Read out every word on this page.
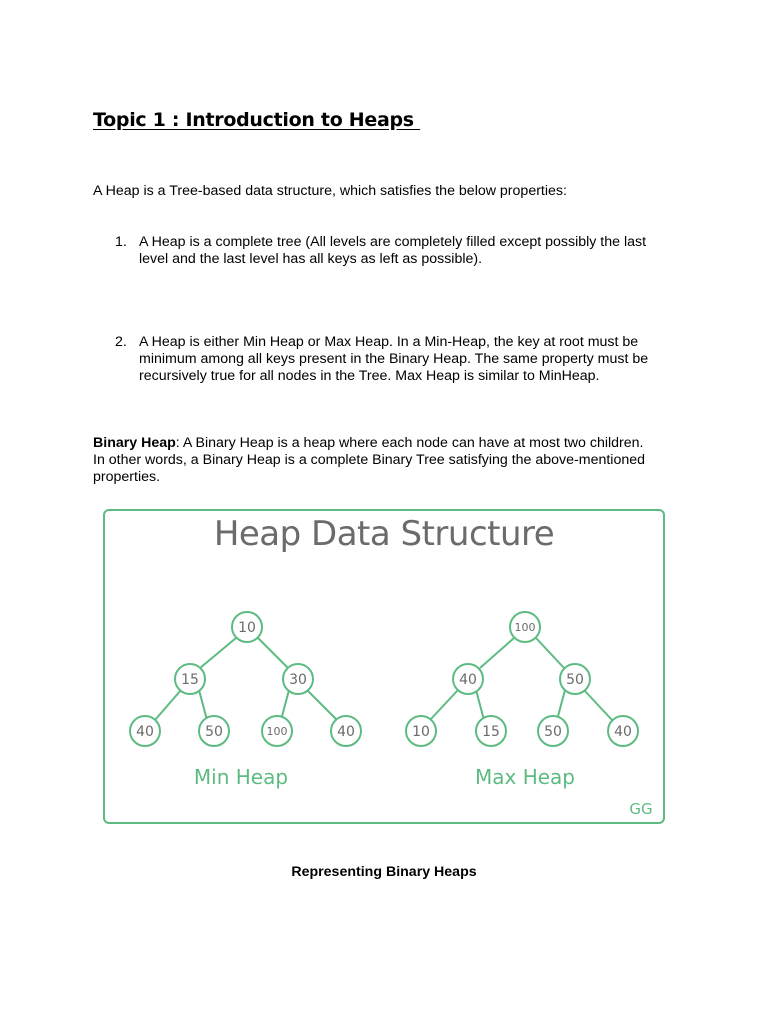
Topic 1 : Introduction to Heaps
A Heap is a Tree-based data structure, which satisfies the below properties:
1. A Heap is a complete tree (All levels are completely filled except possibly the last level and the last level has all keys as left as possible).
2. A Heap is either Min Heap or Max Heap. In a Min-Heap, the key at root must be minimum among all keys present in the Binary Heap. The same property must be recursively true for all nodes in the Tree. Max Heap is similar to MinHeap.
Binary Heap: A Binary Heap is a heap where each node can have at most two children. In other words, a Binary Heap is a complete Binary Tree satisfying the above-mentioned properties.
Heap Data Structure
10
15	30
40	50	100	40
100
40	50
10	15	50	40
Min Heap	Max Heap
GG
Representing Binary Heaps
